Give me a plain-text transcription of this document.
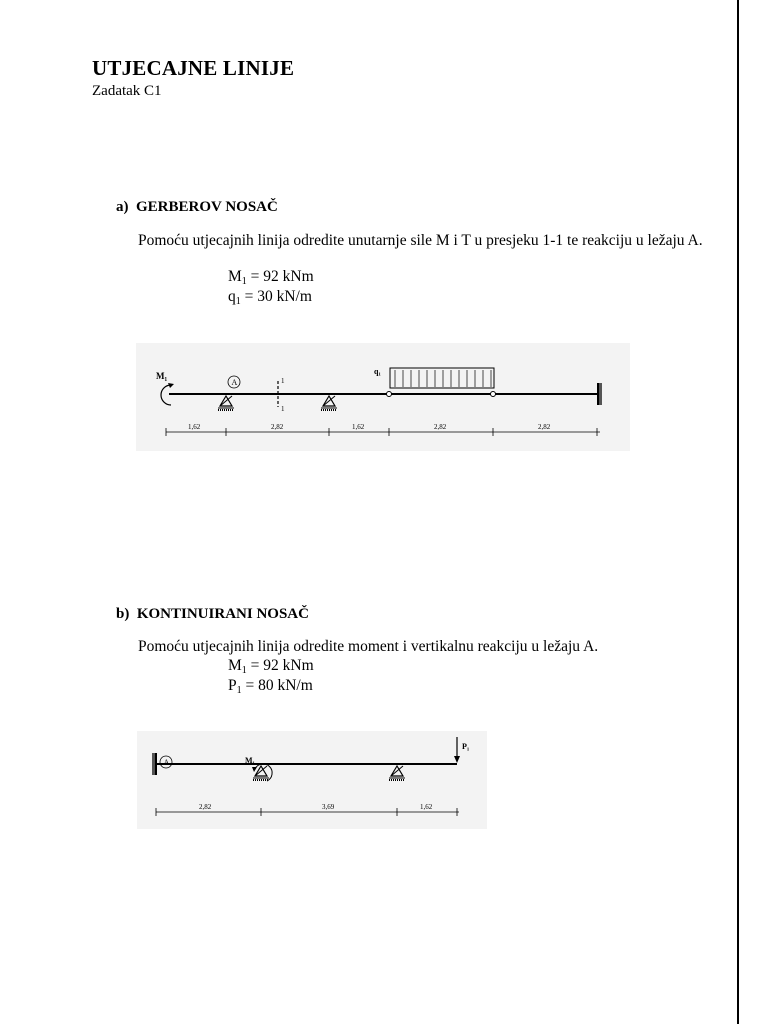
UTJECAJNE LINIJE
Zadatak C1
a) GERBEROV NOSAČ
Pomoću utjecajnih linija odredite unutarnje sile M i T u presjeku 1-1 te reakciju u ležaju A.
$M_1 = 92$ kNm
$q_1 = 30$ kN/m
M₁
A	1
1
q₁
1,62	2,82	1,62	2,82	2,82
b) KONTINUIRANI NOSAČ
Pomoću utjecajnih linija odredite moment i vertikalnu reakciju u ležaju A.
$M_1 = 92$ kNm
$P_1 = 80$ kN/m
A	M₁
P₁
2,82	3,69	1,62
